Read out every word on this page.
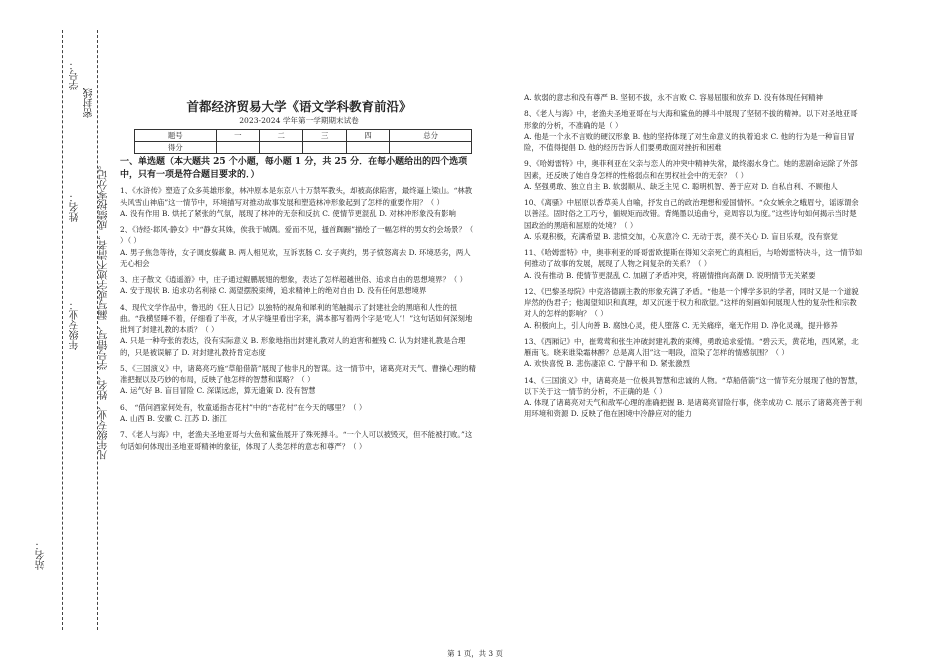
密封线
凡年级专业、姓名、学号错写、漏写或字迹不清者，成绩按零分记。
学号：
姓名：
年级专业：
站名：
首都经济贸易大学《语文学科教育前沿》
2023-2024 学年第一学期期末试卷
题号	一	二	三	四	总分
得分					
一、单选题（本大题共 25 个小题，每小题 1 分，共 25 分．在每小题给出的四个选项中，只有一项是符合题目要求的．）

1、《水浒传》塑造了众多英雄形象，林冲原本是东京八十万禁军教头，却被高俅陷害，最终逼上梁山。“林教头风雪山神庙”这一情节中，环境描写对推动故事发展和塑造林冲形象起到了怎样的重要作用？（ ）
A. 没有作用 B. 烘托了紧张的气氛，展现了林冲的无奈和反抗 C. 使情节更混乱 D. 对林冲形象没有影响

2、《诗经·邶风·静女》中“静女其姝，俟我于城隅。爱而不见，搔首踟蹰”描绘了一幅怎样的男女约会场景？（ ）（ ）
A. 男子焦急等待，女子调皮躲藏 B. 两人相见欢，互诉衷肠 C. 女子爽约，男子愤怒离去 D. 环境恶劣，两人无心相会

3、庄子散文《逍遥游》中，庄子通过鲲鹏展翅的想象，表达了怎样超越世俗、追求自由的思想境界？（ ）
A. 安于现状 B. 追求功名利禄 C. 渴望摆脱束缚，追求精神上的绝对自由 D. 没有任何思想境界

4、现代文学作品中，鲁迅的《狂人日记》以独特的视角和犀利的笔触揭示了封建社会的黑暗和人性的扭曲。“我横竖睡不着，仔细看了半夜，才从字缝里看出字来，满本都写着两个字是‘吃人’！”这句话如何深刻地批判了封建礼教的本质？（ ）
A. 只是一种夸张的表达，没有实际意义 B. 形象地指出封建礼教对人的迫害和摧残 C. 认为封建礼教是合理的，只是被误解了 D. 对封建礼教持肯定态度

5、《三国演义》中，诸葛亮巧施“草船借箭”展现了他非凡的智谋。这一情节中，诸葛亮对天气、曹操心理的精准把握以及巧妙的布局，反映了他怎样的智慧和谋略？（ ）
A. 运气好 B. 盲目冒险 C. 深谋远虑，算无遗策 D. 没有智慧

6、 “借问酒家何处有，牧童遥指杏花村”中的“杏花村”在今天的哪里？（ ）
A. 山西 B. 安徽 C. 江苏 D. 浙江

7、《老人与海》中，老渔夫圣地亚哥与大鱼和鲨鱼展开了殊死搏斗。“一个人可以被毁灭，但不能被打败。”这句话如何体现出圣地亚哥精神的象征，体现了人类怎样的意志和尊严？（ ）

A. 软弱的意志和没有尊严 B. 坚韧不拔，永不言败 C. 容易屈服和放弃 D. 没有体现任何精神

8、《老人与海》中，老渔夫圣地亚哥在与大海和鲨鱼的搏斗中展现了坚韧不拔的精神。以下对圣地亚哥形象的分析，不准确的是（ ）
A. 他是一个永不言败的硬汉形象 B. 他的坚持体现了对生命意义的执着追求 C. 他的行为是一种盲目冒险，不值得提倡 D. 他的经历告诉人们要勇敢面对挫折和困难

9、《哈姆雷特》中，奥菲利亚在父亲与恋人的冲突中精神失常，最终溺水身亡。她的悲剧命运除了外部因素，还反映了她自身怎样的性格弱点和在男权社会中的无奈？（ ）
A. 坚强勇敢、独立自主 B. 软弱顺从、缺乏主见 C. 聪明机智、善于应对 D. 自私自利、不顾他人

10、《离骚》中屈原以香草美人自喻，抒发自己的政治理想和爱国情怀。“众女嫉余之蛾眉兮，谣诼谓余以善淫。固时俗之工巧兮，偭规矩而改错。背绳墨以追曲兮，竞周容以为度。”这些诗句如何揭示当时楚国政治的黑暗和屈原的处境？（ ）
A. 乐观积极，充满希望 B. 悲愤交加，心灰意冷 C. 无动于衷，漠不关心 D. 盲目乐观，没有察觉

11、《哈姆雷特》中，奥菲利亚的哥哥雷欧提斯在得知父亲死亡的真相后，与哈姆雷特决斗，这一情节如何推动了故事的发展，展现了人物之间复杂的关系？（ ）
A. 没有推动 B. 使情节更混乱 C. 加剧了矛盾冲突，将剧情推向高潮 D. 说明情节无关紧要

12、《巴黎圣母院》中克洛德副主教的形象充满了矛盾。“他是一个博学多识的学者，同时又是一个道貌岸然的伪君子；他渴望知识和真理，却又沉迷于权力和欲望。”这样的刻画如何展现人性的复杂性和宗教对人的怎样的影响？（ ）
A. 积极向上，引人向善 B. 腐蚀心灵，使人堕落 C. 无关痛痒，毫无作用 D. 净化灵魂，提升修养

13、《西厢记》中，崔莺莺和张生冲破封建礼教的束缚，勇敢追求爱情。“碧云天，黄花地，西风紧，北雁南飞。晓来谁染霜林醉？总是离人泪”这一唱段，渲染了怎样的情感氛围？（ ）
A. 欢快喜悦 B. 悲伤凄凉 C. 宁静平和 D. 紧张激烈

14、《三国演义》中，诸葛亮是一位极具智慧和忠诚的人物。“草船借箭”这一情节充分展现了他的智慧，以下关于这一情节的分析，不正确的是（ ）
A. 体现了诸葛亮对天气和敌军心理的准确把握 B. 是诸葛亮冒险行事，侥幸成功 C. 展示了诸葛亮善于利用环境和资源 D. 反映了他在困境中冷静应对的能力

第 1 页，共 3 页
